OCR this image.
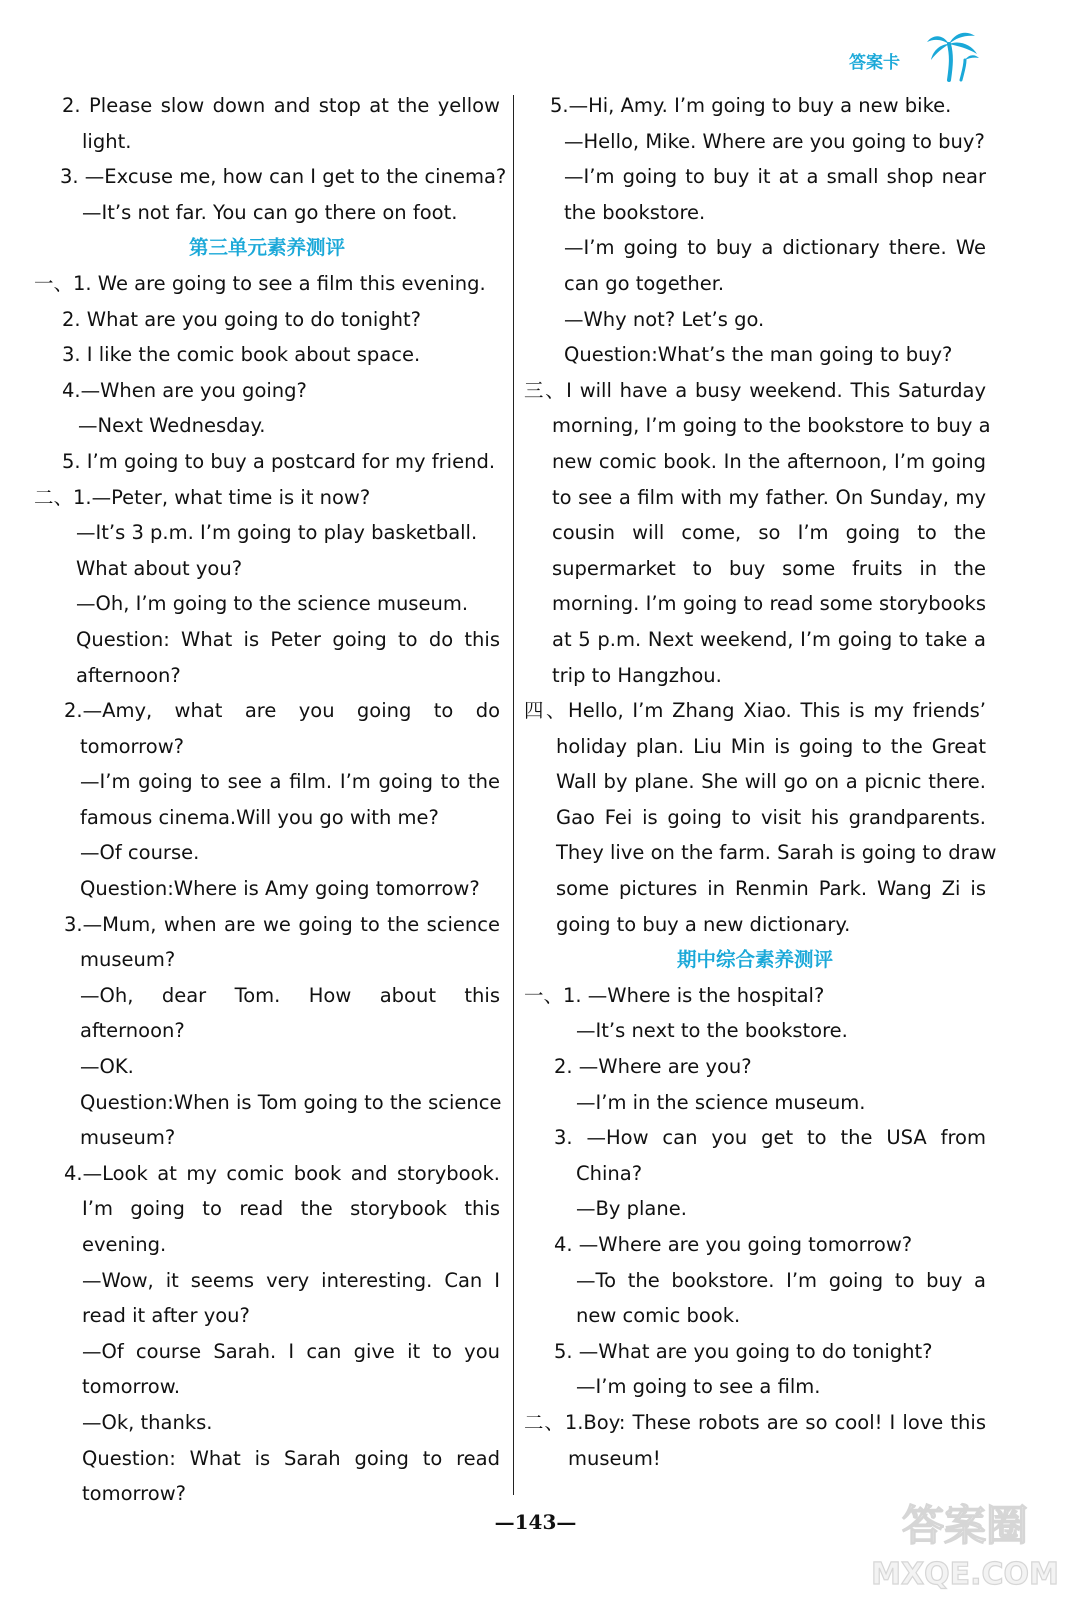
答案卡
2. Please slow down and stop at the yellow
light.
3. —Excuse me, how can I get to the cinema?
—It’s not far. You can go there on foot.
第三单元素养测评
一、1. We are going to see a film this evening.
2. What are you going to do tonight?
3. I like the comic book about space.
4.—When are you going?
—Next Wednesday.
5. I’m going to buy a postcard for my friend.
二、1.—Peter, what time is it now?
—It’s 3 p.m. I’m going to play basketball.
What about you?
—Oh, I’m going to the science museum.
Question: What is Peter going to do this
afternoon?
2.—Amy, what are you going to do
tomorrow?
—I’m going to see a film. I’m going to the
famous cinema.Will you go with me?
—Of course.
Question:Where is Amy going tomorrow?
3.—Mum, when are we going to the science
museum?
—Oh, dear Tom. How about this
afternoon?
—OK.
Question:When is Tom going to the science
museum?
4.—Look at my comic book and storybook.
I’m going to read the storybook this
evening.
—Wow, it seems very interesting. Can I
read it after you?
—Of course Sarah. I can give it to you
tomorrow.
—Ok, thanks.
Question: What is Sarah going to read
tomorrow?
5.—Hi, Amy. I’m going to buy a new bike.
—Hello, Mike. Where are you going to buy?
—I’m going to buy it at a small shop near
the bookstore.
—I’m going to buy a dictionary there. We
can go together.
—Why not? Let’s go.
Question:What’s the man going to buy?
三、I will have a busy weekend. This Saturday
morning, I’m going to the bookstore to buy a
new comic book. In the afternoon, I’m going
to see a film with my father. On Sunday, my
cousin will come, so I’m going to the
supermarket to buy some fruits in the
morning. I’m going to read some storybooks
at 5 p.m. Next weekend, I’m going to take a
trip to Hangzhou.
四、Hello, I’m Zhang Xiao. This is my friends’
holiday plan. Liu Min is going to the Great
Wall by plane. She will go on a picnic there.
Gao Fei is going to visit his grandparents.
They live on the farm. Sarah is going to draw
some pictures in Renmin Park. Wang Zi is
going to buy a new dictionary.
期中综合素养测评
一、1. —Where is the hospital?
—It’s next to the bookstore.
2. —Where are you?
—I’m in the science museum.
3. —How can you get to the USA from
China?
—By plane.
4. —Where are you going tomorrow?
—To the bookstore. I’m going to buy a
new comic book.
5. —What are you going to do tonight?
—I’m going to see a film.
二、1.Boy: These robots are so cool! I love this
museum!
—143—	答案圈
MXQE.COM
